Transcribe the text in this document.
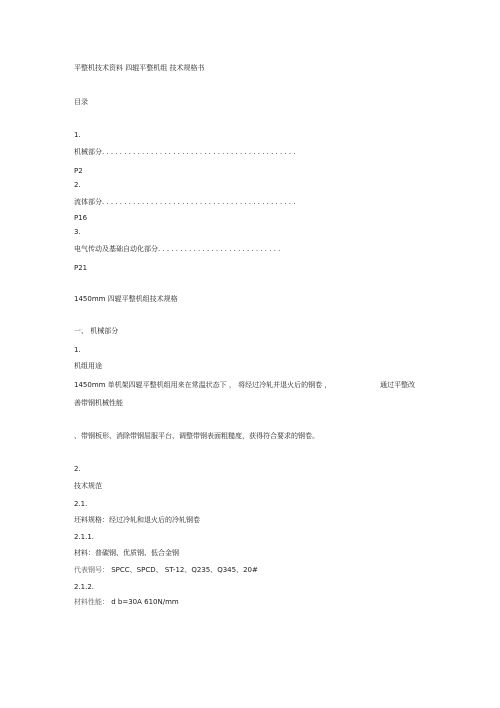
平整机技术资料 四辊平整机组 技术规格书
目录
1.
机械部分. . . . . . . . . . . . . . . . . . . . . . . . . . . . . . . . . . . . . . . . . . . .
P2
2.
流体部分. . . . . . . . . . . . . . . . . . . . . . . . . . . . . . . . . . . . . . . . . . . .
P16
3.
电气传动及基础自动化部分. . . . . . . . . . . . . . . . . . . . . . . . . . . .
P21
1450mm 四辊平整机组技术规格
一、 机械部分
1.
机组用途
1450mm 单机架四辊平整机组用来在常温状态下 ， 将经过冷轧并退火后的钢卷 ，	通过平整改
善带钢机械性能
、带钢板形、消除带钢屈服平台、调整带钢表面粗糙度，获得符合要求的钢卷。
2.
技术规范
2.1.
坯料规格：经过冷轧和退火后的冷轧钢卷
2.1.1.
材料：普碳钢、优质钢、低合金钢
代表钢号： SPCC、SPCD、 ST-12、Q235、Q345、20#
2.1.2.
材料性能： d b=30A 610N/mm
